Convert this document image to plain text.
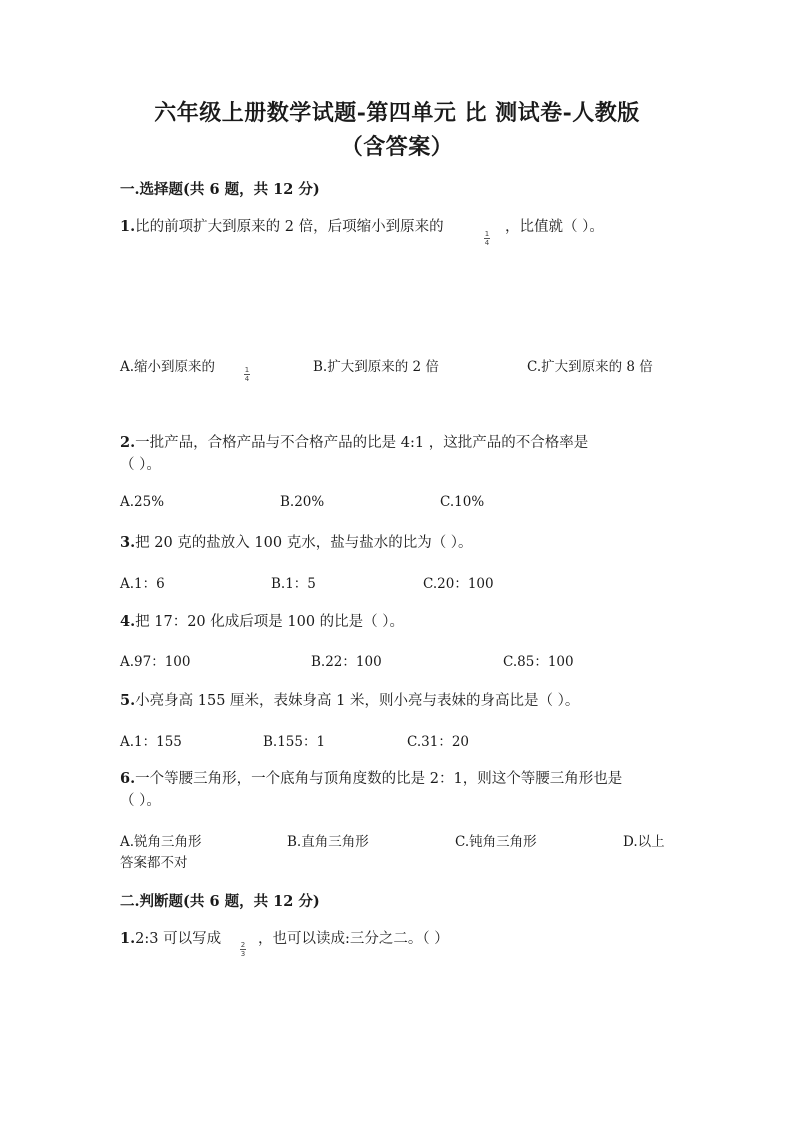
六年级上册数学试题-第四单元 比 测试卷-人教版
（含答案）
一.选择题(共 6 题，共 12 分)
1.比的前项扩大到原来的 2 倍，后项缩小到原来的	1
4
，比值就（ ）。
A.缩小到原来的	1
4
B.扩大到原来的 2 倍	C.扩大到原来的 8 倍
2.一批产品，合格产品与不合格产品的比是 4:1 ，这批产品的不合格率是
（ ）。
A.25%	B.20%	C.10%
3.把 20 克的盐放入 100 克水，盐与盐水的比为（ ）。
A.1：6	B.1：5	C.20：100
4.把 17：20 化成后项是 100 的比是（ ）。
A.97：100	B.22：100	C.85：100
5.小亮身高 155 厘米，表妹身高 1 米，则小亮与表妹的身高比是（ ）。
A.1：155	B.155：1	C.31：20
6.一个等腰三角形，一个底角与顶角度数的比是 2：1，则这个等腰三角形也是
（ ）。
A.锐角三角形	B.直角三角形	C.钝角三角形	D.以上
答案都不对
二.判断题(共 6 题，共 12 分)
1.2:3 可以写成	2
3
，也可以读成:三分之二。（ ）
